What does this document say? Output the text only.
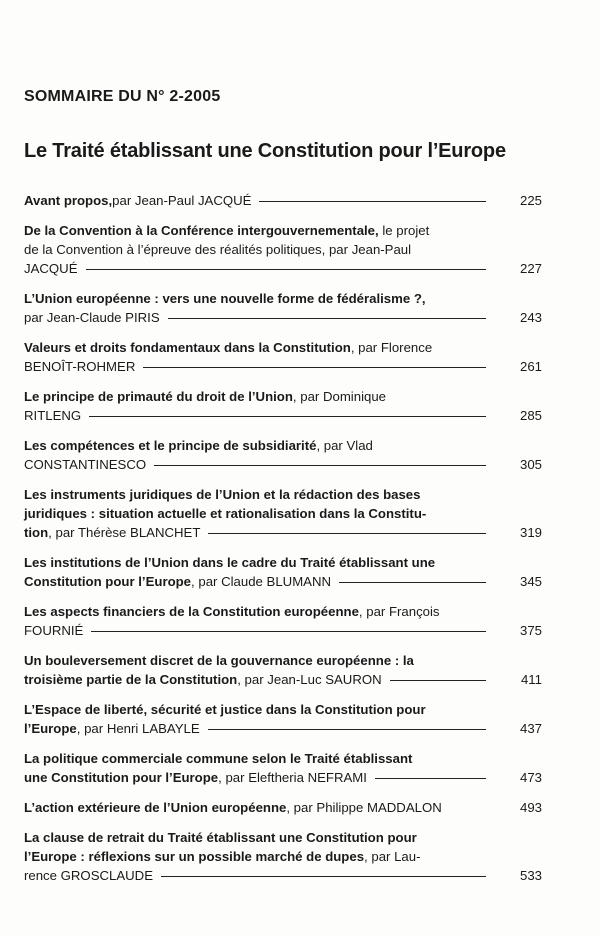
SOMMAIRE DU N° 2-2005
Le Traité établissant une Constitution pour l’Europe
Avant propos, par Jean-Paul JACQUÉ	225
De la Convention à la Conférence intergouvernementale, le projet
de la Convention à l’épreuve des réalités politiques, par Jean-Paul
JACQUÉ	227
L’Union européenne : vers une nouvelle forme de fédéralisme ?,
par Jean-Claude PIRIS	243
Valeurs et droits fondamentaux dans la Constitution, par Florence
BENOÎT-ROHMER	261
Le principe de primauté du droit de l’Union, par Dominique
RITLENG	285
Les compétences et le principe de subsidiarité, par Vlad
CONSTANTINESCO	305
Les instruments juridiques de l’Union et la rédaction des bases
juridiques : situation actuelle et rationalisation dans la Constitu-
tion , par Thérèse BLANCHET	319
Les institutions de l’Union dans le cadre du Traité établissant une
Constitution pour l’Europe , par Claude BLUMANN	345
Les aspects financiers de la Constitution européenne, par François
FOURNIÉ	375
Un bouleversement discret de la gouvernance européenne : la
troisième partie de la Constitution , par Jean-Luc SAURON	411
L’Espace de liberté, sécurité et justice dans la Constitution pour
l’Europe , par Henri LABAYLE	437
La politique commerciale commune selon le Traité établissant
une Constitution pour l’Europe , par Eleftheria NEFRAMI	473
L’action extérieure de l’Union européenne , par Philippe MADDALON	493
La clause de retrait du Traité établissant une Constitution pour
l’Europe : réflexions sur un possible marché de dupes, par Lau-
rence GROSCLAUDE	533
